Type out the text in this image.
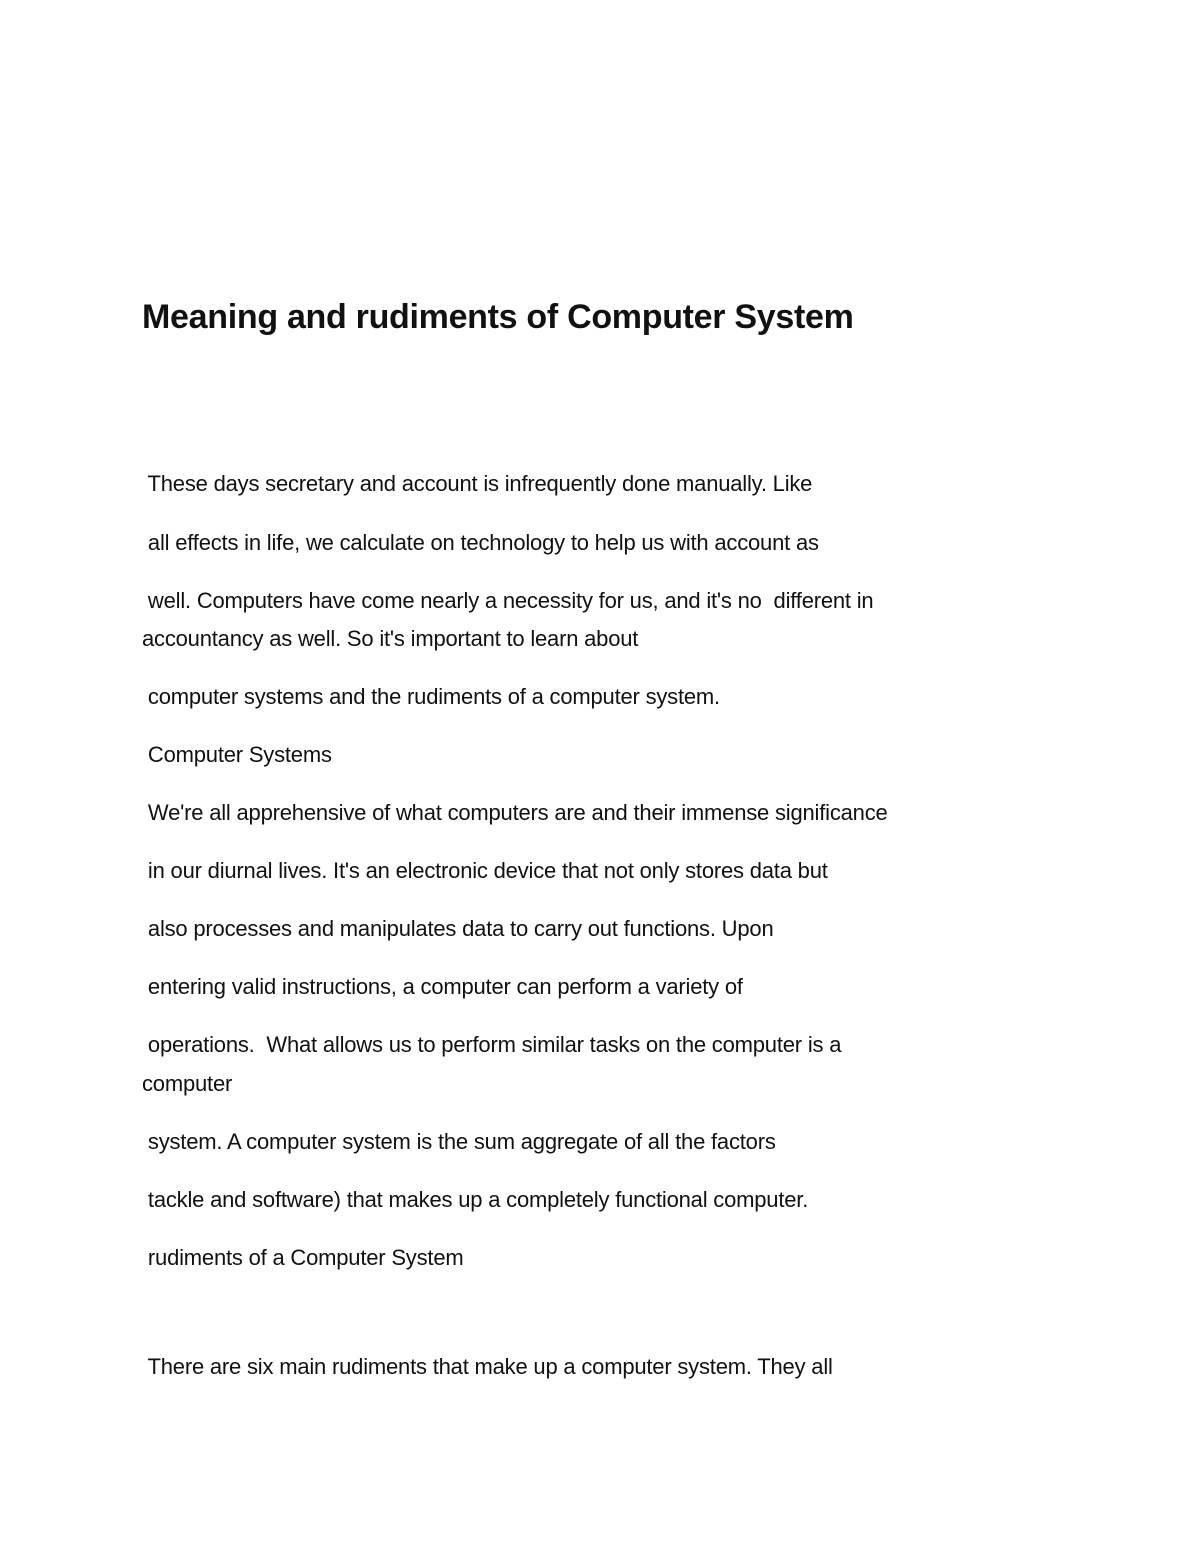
Meaning and rudiments of Computer System

These days secretary and account is infrequently done manually. Like

all effects in life, we calculate on technology to help us with account as

well. Computers have come nearly a necessity for us, and it's no  different in

accountancy as well. So it's important to learn about

computer systems and the rudiments of a computer system.

Computer Systems

We're all apprehensive of what computers are and their immense significance

in our diurnal lives. It's an electronic device that not only stores data but

also processes and manipulates data to carry out functions. Upon

entering valid instructions, a computer can perform a variety of

operations.  What allows us to perform similar tasks on the computer is a

computer

system. A computer system is the sum aggregate of all the factors

tackle and software) that makes up a completely functional computer.

rudiments of a Computer System

There are six main rudiments that make up a computer system. They all
